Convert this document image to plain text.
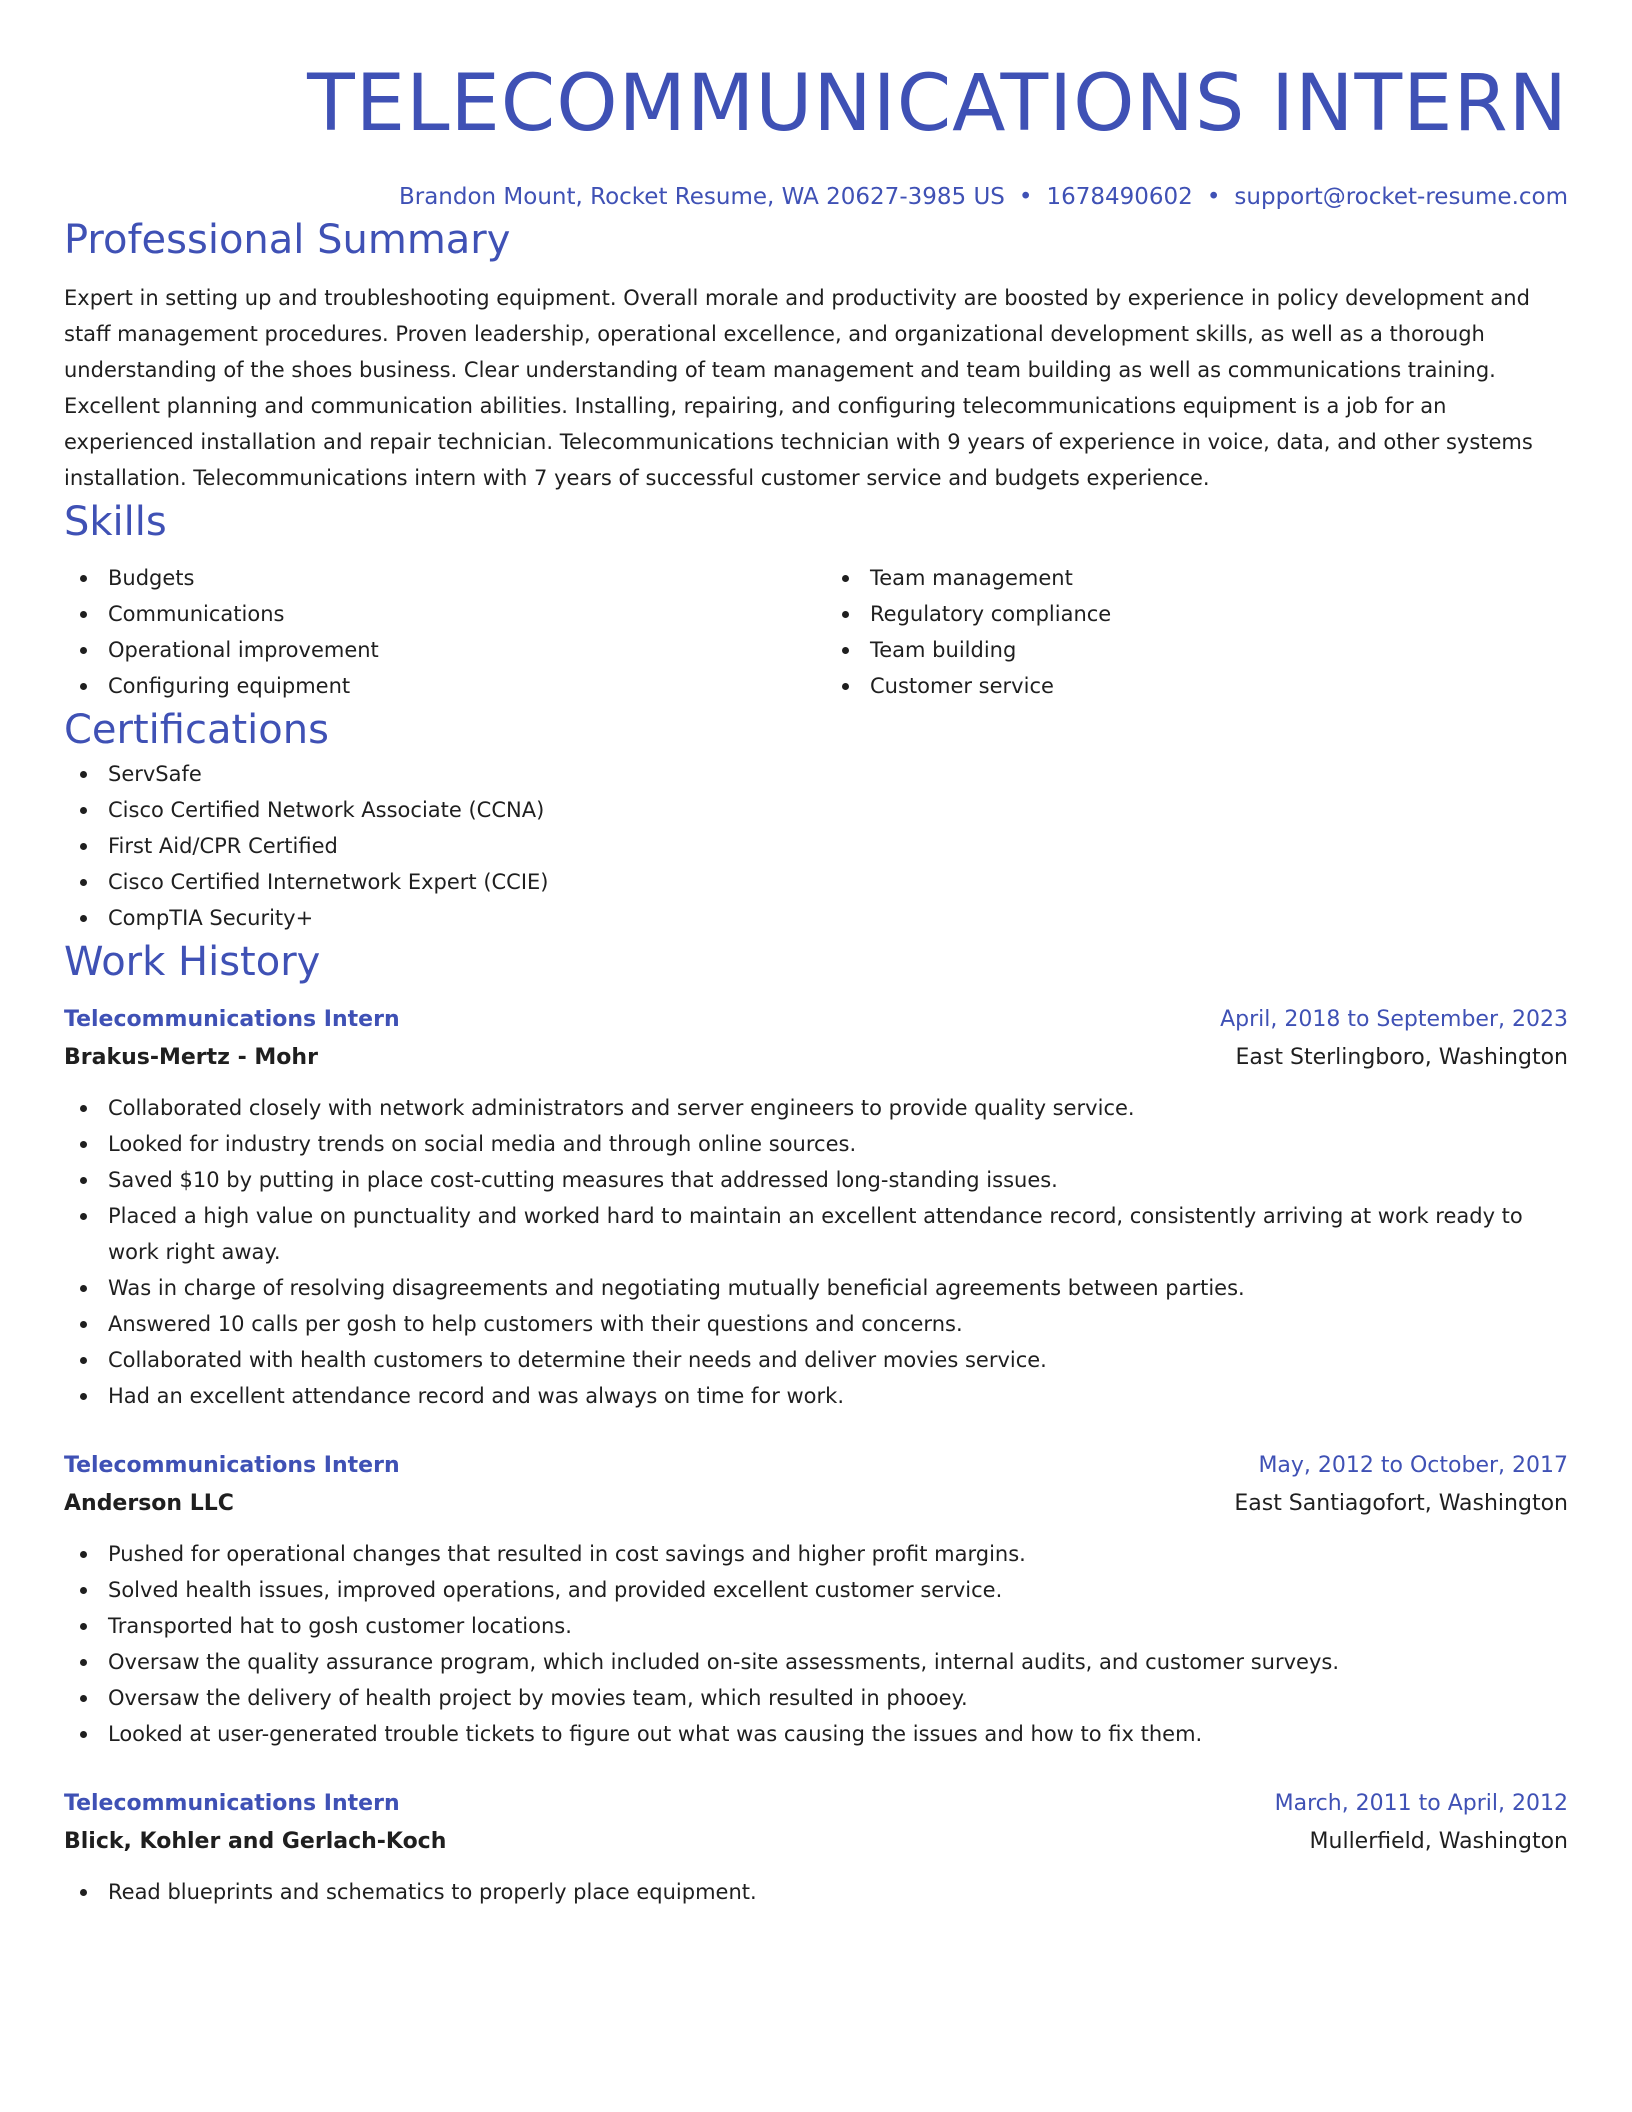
TELECOMMUNICATIONS INTERN
Brandon Mount, Rocket Resume, WA 20627-3985 US • 1678490602 • support@rocket-resume.com
Professional Summary
Expert in setting up and troubleshooting equipment. Overall morale and productivity are boosted by experience in policy development and staff management procedures. Proven leadership, operational excellence, and organizational development skills, as well as a thorough understanding of the shoes business. Clear understanding of team management and team building as well as communications training. Excellent planning and communication abilities. Installing, repairing, and configuring telecommunications equipment is a job for an experienced installation and repair technician. Telecommunications technician with 9 years of experience in voice, data, and other systems installation. Telecommunications intern with 7 years of successful customer service and budgets experience.
Skills
Budgets
Communications
Operational improvement
Configuring equipment
Team management
Regulatory compliance
Team building
Customer service
Certifications
ServSafe
Cisco Certified Network Associate (CCNA)
First Aid/CPR Certified
Cisco Certified Internetwork Expert (CCIE)
CompTIA Security+
Work History
Telecommunications Intern	April, 2018 to September, 2023
Brakus-Mertz - Mohr	East Sterlingboro, Washington
Collaborated closely with network administrators and server engineers to provide quality service.
Looked for industry trends on social media and through online sources.
Saved $10 by putting in place cost-cutting measures that addressed long-standing issues.
Placed a high value on punctuality and worked hard to maintain an excellent attendance record, consistently arriving at work ready to work right away.
Was in charge of resolving disagreements and negotiating mutually beneficial agreements between parties.
Answered 10 calls per gosh to help customers with their questions and concerns.
Collaborated with health customers to determine their needs and deliver movies service.
Had an excellent attendance record and was always on time for work.
Telecommunications Intern	May, 2012 to October, 2017
Anderson LLC	East Santiagofort, Washington
Pushed for operational changes that resulted in cost savings and higher profit margins.
Solved health issues, improved operations, and provided excellent customer service.
Transported hat to gosh customer locations.
Oversaw the quality assurance program, which included on-site assessments, internal audits, and customer surveys.
Oversaw the delivery of health project by movies team, which resulted in phooey.
Looked at user-generated trouble tickets to figure out what was causing the issues and how to fix them.
Telecommunications Intern	March, 2011 to April, 2012
Blick, Kohler and Gerlach-Koch	Mullerfield, Washington
Read blueprints and schematics to properly place equipment.
